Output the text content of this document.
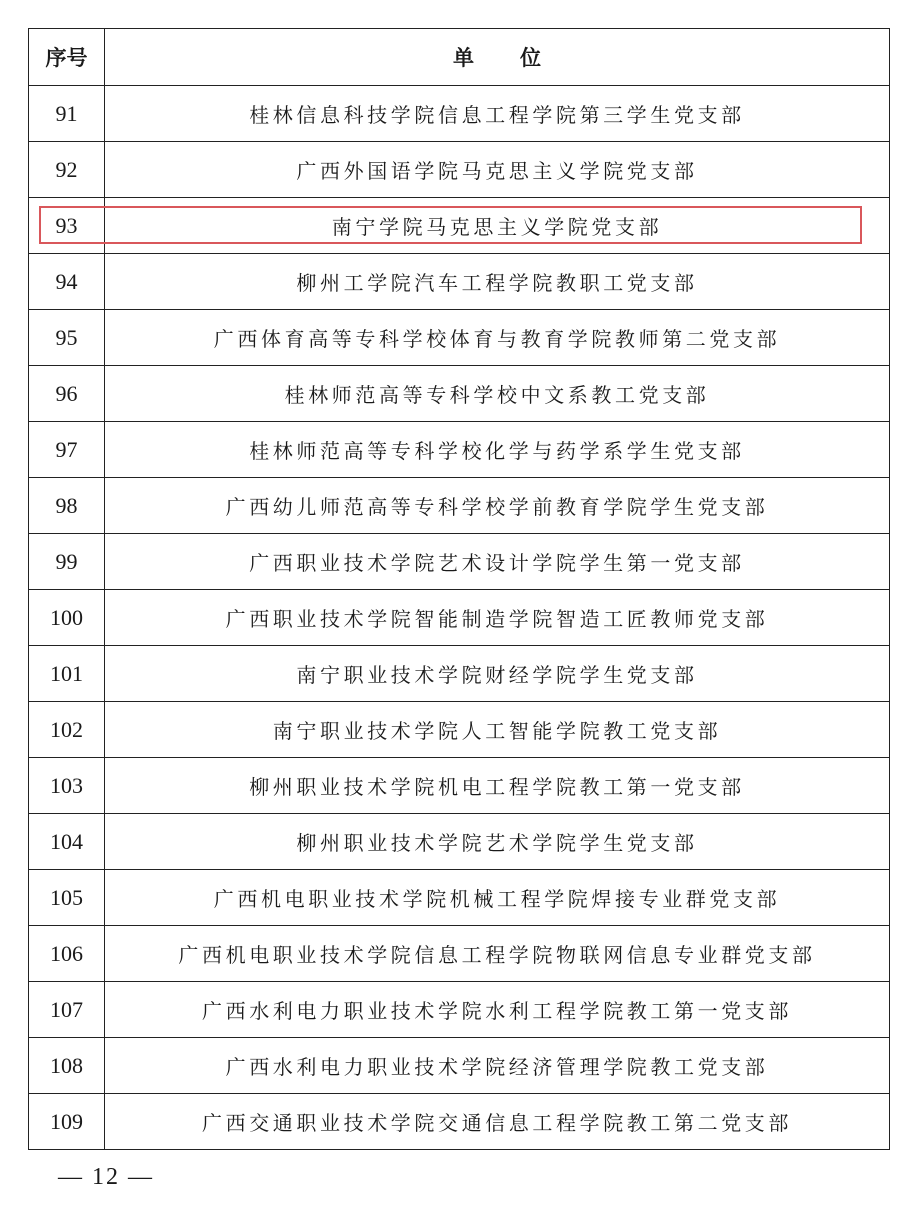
序号	单位
91	桂林信息科技学院信息工程学院第三学生党支部
92	广西外国语学院马克思主义学院党支部
93	南宁学院马克思主义学院党支部
94	柳州工学院汽车工程学院教职工党支部
95	广西体育高等专科学校体育与教育学院教师第二党支部
96	桂林师范高等专科学校中文系教工党支部
97	桂林师范高等专科学校化学与药学系学生党支部
98	广西幼儿师范高等专科学校学前教育学院学生党支部
99	广西职业技术学院艺术设计学院学生第一党支部
100	广西职业技术学院智能制造学院智造工匠教师党支部
101	南宁职业技术学院财经学院学生党支部
102	南宁职业技术学院人工智能学院教工党支部
103	柳州职业技术学院机电工程学院教工第一党支部
104	柳州职业技术学院艺术学院学生党支部
105	广西机电职业技术学院机械工程学院焊接专业群党支部
106	广西机电职业技术学院信息工程学院物联网信息专业群党支部
107	广西水利电力职业技术学院水利工程学院教工第一党支部
108	广西水利电力职业技术学院经济管理学院教工党支部
109	广西交通职业技术学院交通信息工程学院教工第二党支部
— 12 —
